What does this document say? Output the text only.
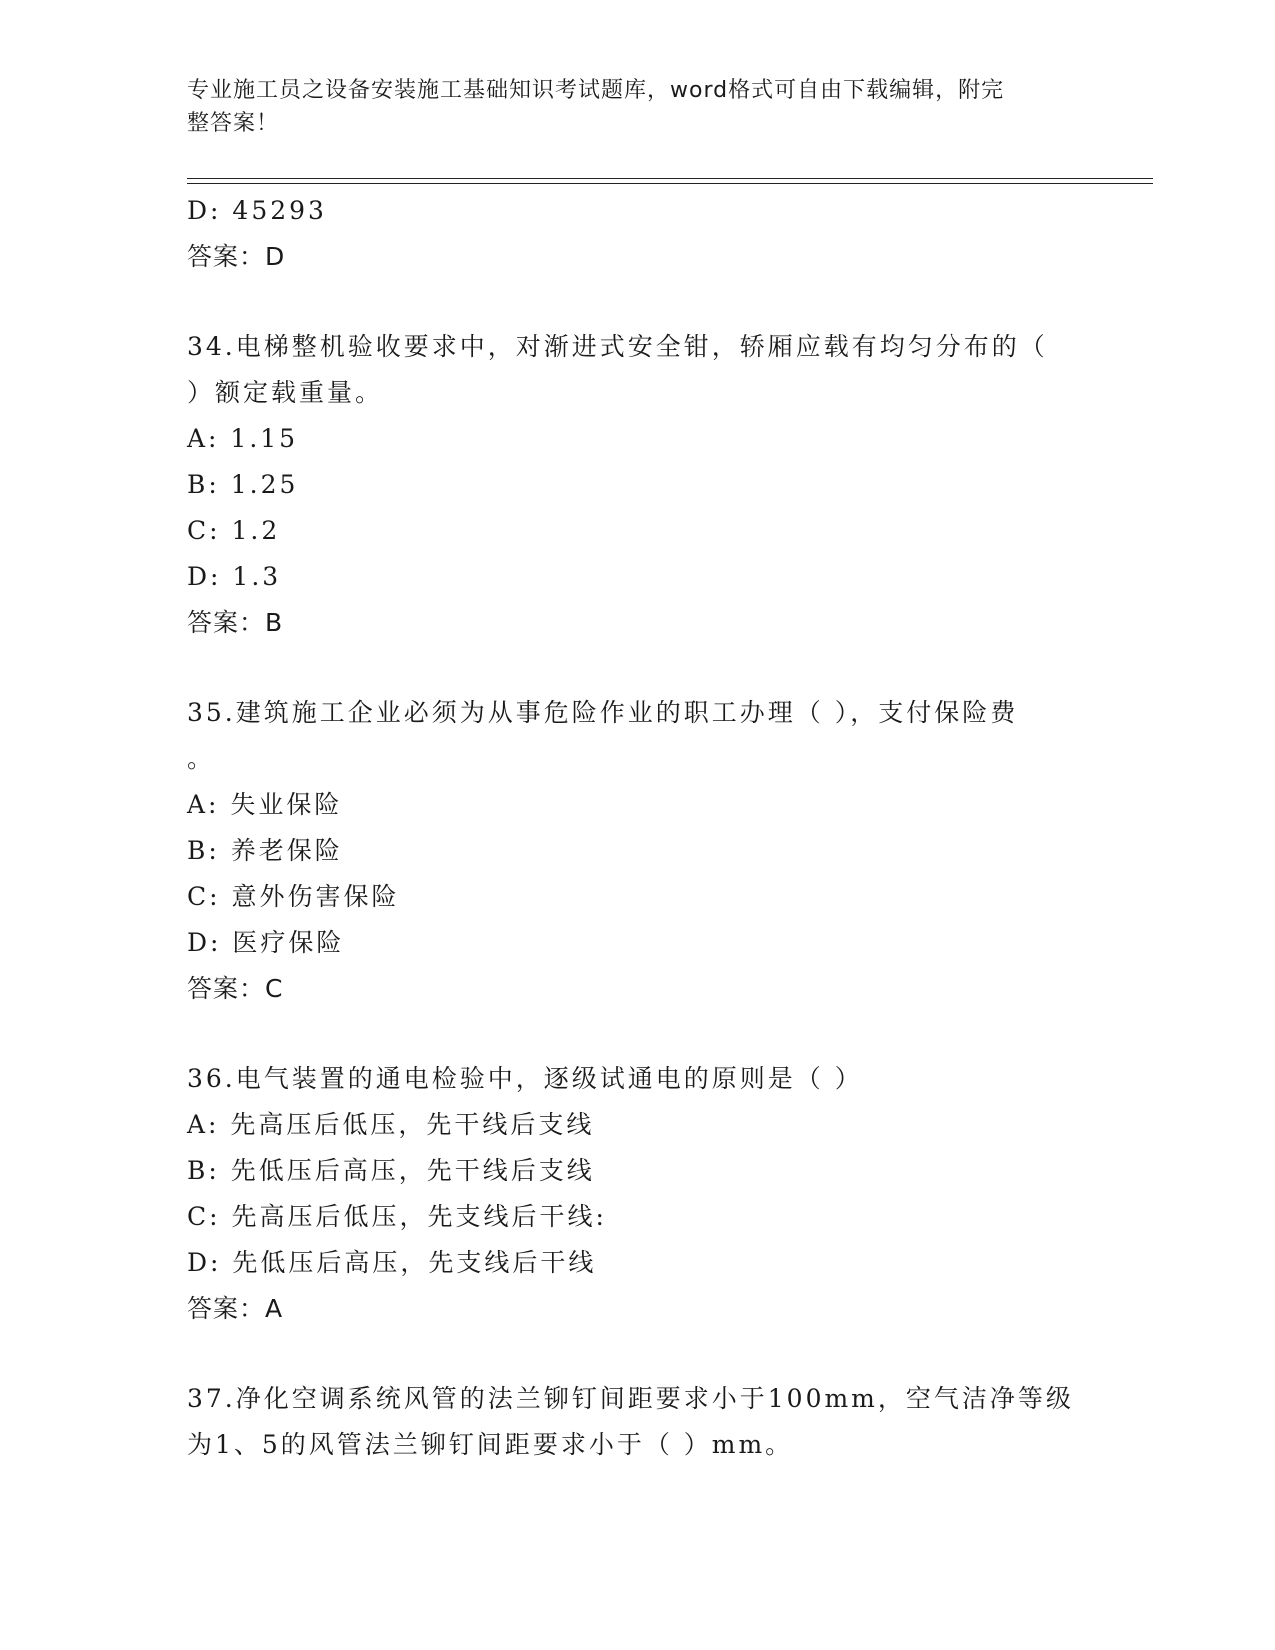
专业施工员之设备安装施工基础知识考试题库，word格式可自由下载编辑，附完
整答案！
D: 45293
答案：D
34.电梯整机验收要求中，对渐进式安全钳，轿厢应载有均匀分布的（
）额定载重量。
A: 1.15
B: 1.25
C: 1.2
D: 1.3
答案：B
35.建筑施工企业必须为从事危险作业的职工办理（ ），支付保险费
。
A: 失业保险
B: 养老保险
C: 意外伤害保险
D: 医疗保险
答案：C
36.电气装置的通电检验中，逐级试通电的原则是（ ）
A: 先高压后低压，先干线后支线
B: 先低压后高压，先干线后支线
C: 先高压后低压，先支线后干线:
D: 先低压后高压，先支线后干线
答案：A
37.净化空调系统风管的法兰铆钉间距要求小于100mm，空气洁净等级
为1、5的风管法兰铆钉间距要求小于（ ）mm。
